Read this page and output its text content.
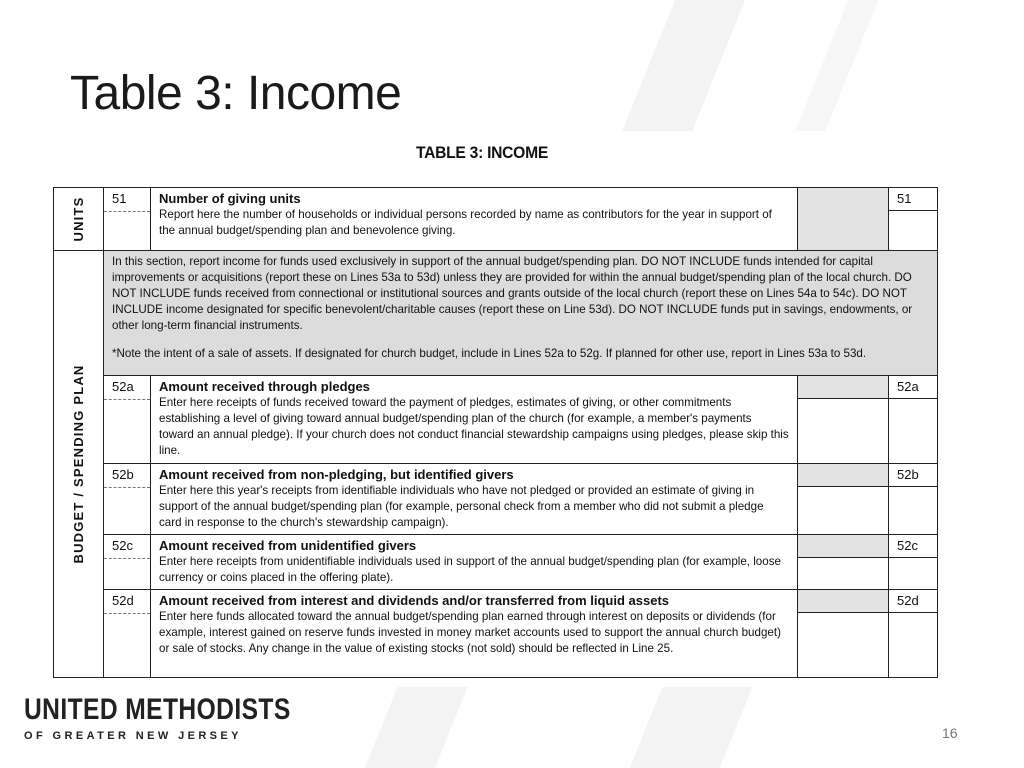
Table 3: Income
TABLE 3: INCOME
UNITS	51	Number of giving units
Report here the number of households or individual persons recorded by name as contributors for the year in support of the annual budget/spending plan and benevolence giving.		51

BUDGET / SPENDING PLAN	In this section, report income for funds used exclusively in support of the annual budget/spending plan. DO NOT INCLUDE funds intended for capital improvements or acquisitions (report these on Lines 53a to 53d) unless they are provided for within the annual budget/spending plan of the local church. DO NOT INCLUDE funds received from connectional or institutional sources and grants outside of the local church (report these on Lines 54a to 54c). DO NOT INCLUDE income designated for specific benevolent/charitable causes (report these on Line 53d). DO NOT INCLUDE funds put in savings, endowments, or other long-term financial instruments.
*Note the intent of a sale of assets. If designated for church budget, include in Lines 52a to 52g. If planned for other use, report in Lines 53a to 53d.			

	52a	Amount received through pledges
Enter here receipts of funds received toward the payment of pledges, estimates of giving, or other commitments establishing a level of giving toward annual budget/spending plan of the church (for example, a member's payments toward an annual pledge). If your church does not conduct financial stewardship campaigns using pledges, please skip this line.		52a

	52b	Amount received from non-pledging, but identified givers
Enter here this year's receipts from identifiable individuals who have not pledged or provided an estimate of giving in support of the annual budget/spending plan (for example, personal check from a member who did not submit a pledge card in response to the church's stewardship campaign).		52b

	52c	Amount received from unidentified givers
Enter here receipts from unidentifiable individuals used in support of the annual budget/spending plan (for example, loose currency or coins placed in the offering plate).		52c

	52d	Amount received from interest and dividends and/or transferred from liquid assets
Enter here funds allocated toward the annual budget/spending plan earned through interest on deposits or dividends (for example, interest gained on reserve funds invested in money market accounts used to support the annual church budget) or sale of stocks. Any change in the value of existing stocks (not sold) should be reflected in Line 25.		52d
UNITED METHODISTS
OF GREATER NEW JERSEY	16
